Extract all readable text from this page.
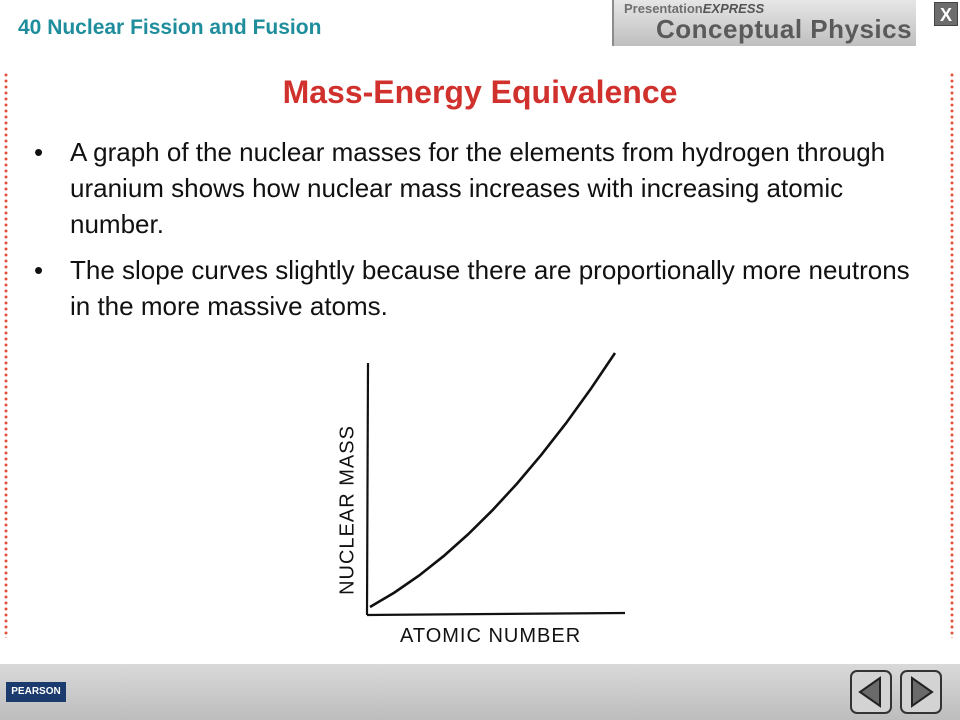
40 Nuclear Fission and Fusion
PresentationEXPRESS
Conceptual Physics	X
Mass-Energy Equivalence
• A graph of the nuclear masses for the elements from hydrogen through uranium shows how nuclear mass increases with increasing atomic number.
• The slope curves slightly because there are proportionally more neutrons in the more massive atoms.
NUCLEAR MASS
ATOMIC NUMBER
PEARSON
